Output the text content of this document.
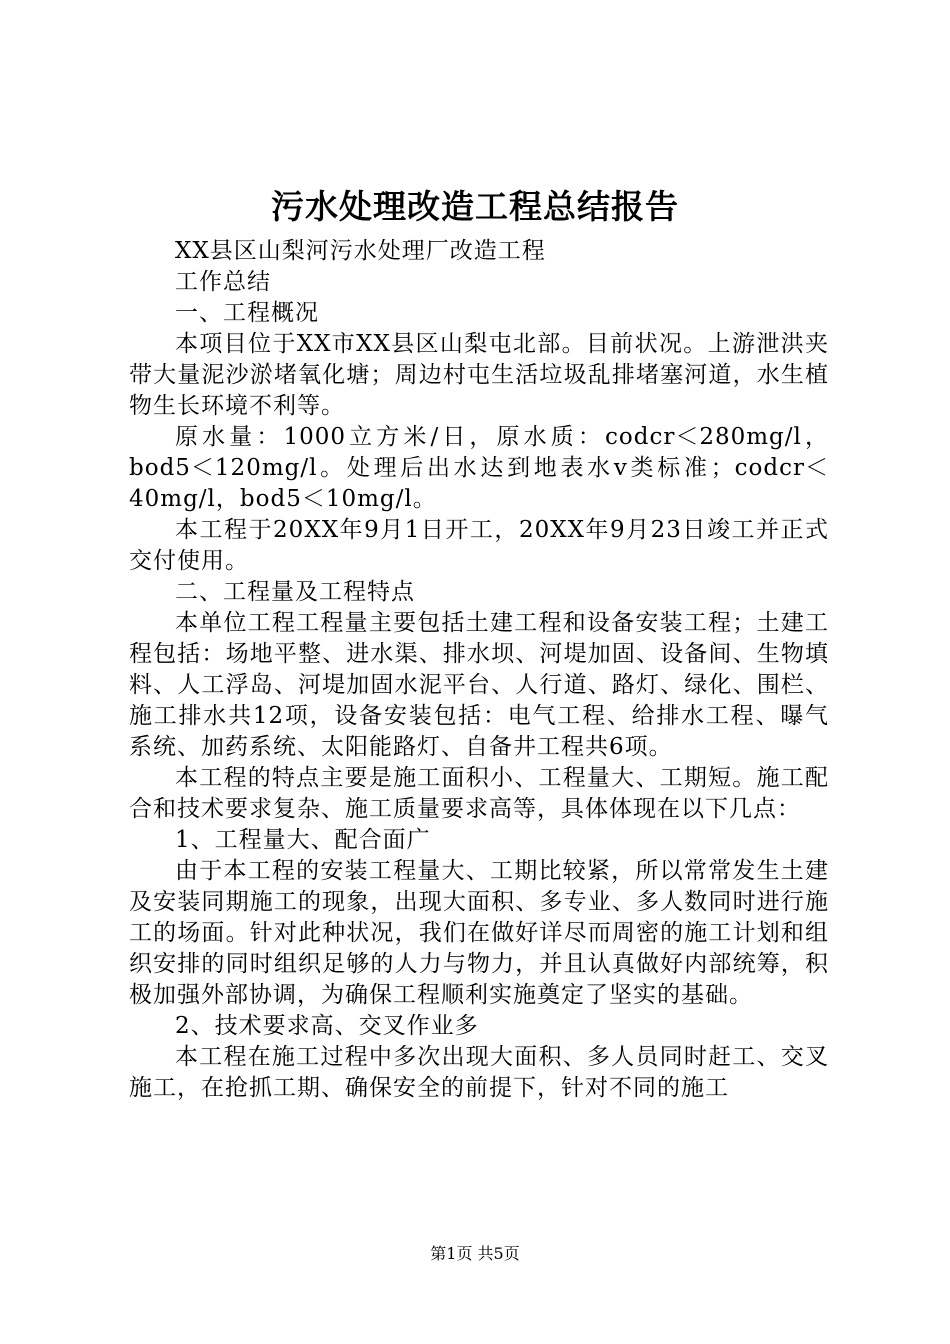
污水处理改造工程总结报告

XX县区山梨河污水处理厂改造工程

工作总结

一、工程概况

本项目位于XX市XX县区山梨屯北部。目前状况。上游泄洪夹带大量泥沙淤堵氧化塘；周边村屯生活垃圾乱排堵塞河道，水生植物生长环境不利等。

原水量：1000立方米/日，原水质：codcr＜280mg/l，bod5＜120mg/l。处理后出水达到地表水v类标准；codcr＜40mg/l，bod5＜10mg/l。

本工程于20XX年9月1日开工，20XX年9月23日竣工并正式交付使用。

二、工程量及工程特点

本单位工程工程量主要包括土建工程和设备安装工程；土建工程包括：场地平整、进水渠、排水坝、河堤加固、设备间、生物填料、人工浮岛、河堤加固水泥平台、人行道、路灯、绿化、围栏、施工排水共12项，设备安装包括：电气工程、给排水工程、曝气系统、加药系统、太阳能路灯、自备井工程共6项。

本工程的特点主要是施工面积小、工程量大、工期短。施工配合和技术要求复杂、施工质量要求高等，具体体现在以下几点：

1、工程量大、配合面广

由于本工程的安装工程量大、工期比较紧，所以常常发生土建及安装同期施工的现象，出现大面积、多专业、多人数同时进行施工的场面。针对此种状况，我们在做好详尽而周密的施工计划和组织安排的同时组织足够的人力与物力，并且认真做好内部统筹，积极加强外部协调，为确保工程顺利实施奠定了坚实的基础。

2、技术要求高、交叉作业多

本工程在施工过程中多次出现大面积、多人员同时赶工、交叉施工，在抢抓工期、确保安全的前提下，针对不同的施工

第1页 共5页
